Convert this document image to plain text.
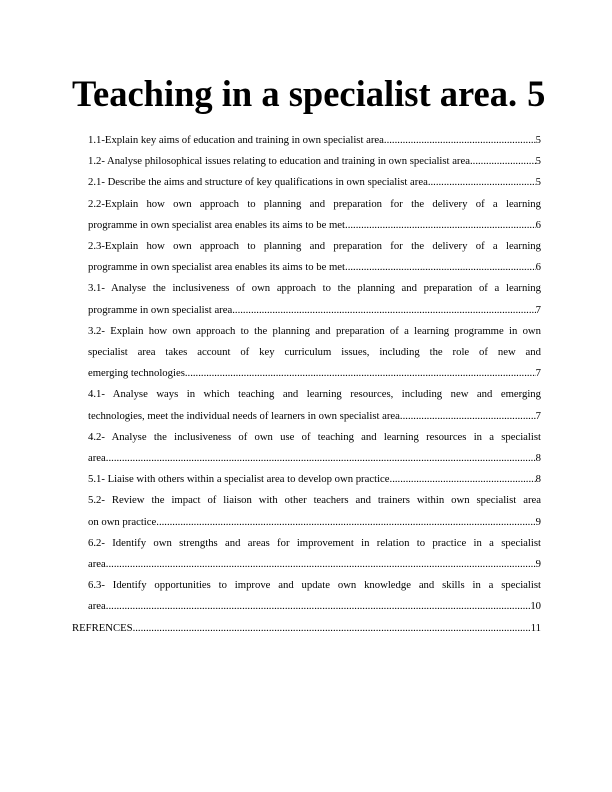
Teaching in a specialist area. 5
1.1-Explain key aims of education and training in own specialist area .....	5
1.2- Analyse philosophical issues relating to education and training in own specialist area. .....	5
2.1- Describe the aims and structure of key qualifications in own specialist area .....	5
2.2-Explain how own approach to planning and preparation for the delivery of a learning
programme in own specialist area enables its aims to be met .....	6
2.3-Explain how own approach to planning and preparation for the delivery of a learning
programme in own specialist area enables its aims to be met .....	6
3.1- Analyse the inclusiveness of own approach to the planning and preparation of a learning
programme in own specialist area .....	7
3.2- Explain how own approach to the planning and preparation of a learning programme in own specialist area takes account of key curriculum issues, including the role of new and
emerging technologies .....	7
4.1- Analyse ways in which teaching and learning resources, including new and emerging
technologies, meet the individual needs of learners in own specialist area .....	7
4.2- Analyse the inclusiveness of own use of teaching and learning resources in a specialist
area .....	8
5.1- Liaise with others within a specialist area to develop own practice .....	8
5.2- Review the impact of liaison with other teachers and trainers within own specialist area
on own practice .....	9
6.2- Identify own strengths and areas for improvement in relation to practice in a specialist
area .....	9
6.3- Identify opportunities to improve and update own knowledge and skills in a specialist
area .....	10
REFRENCES .....	11
